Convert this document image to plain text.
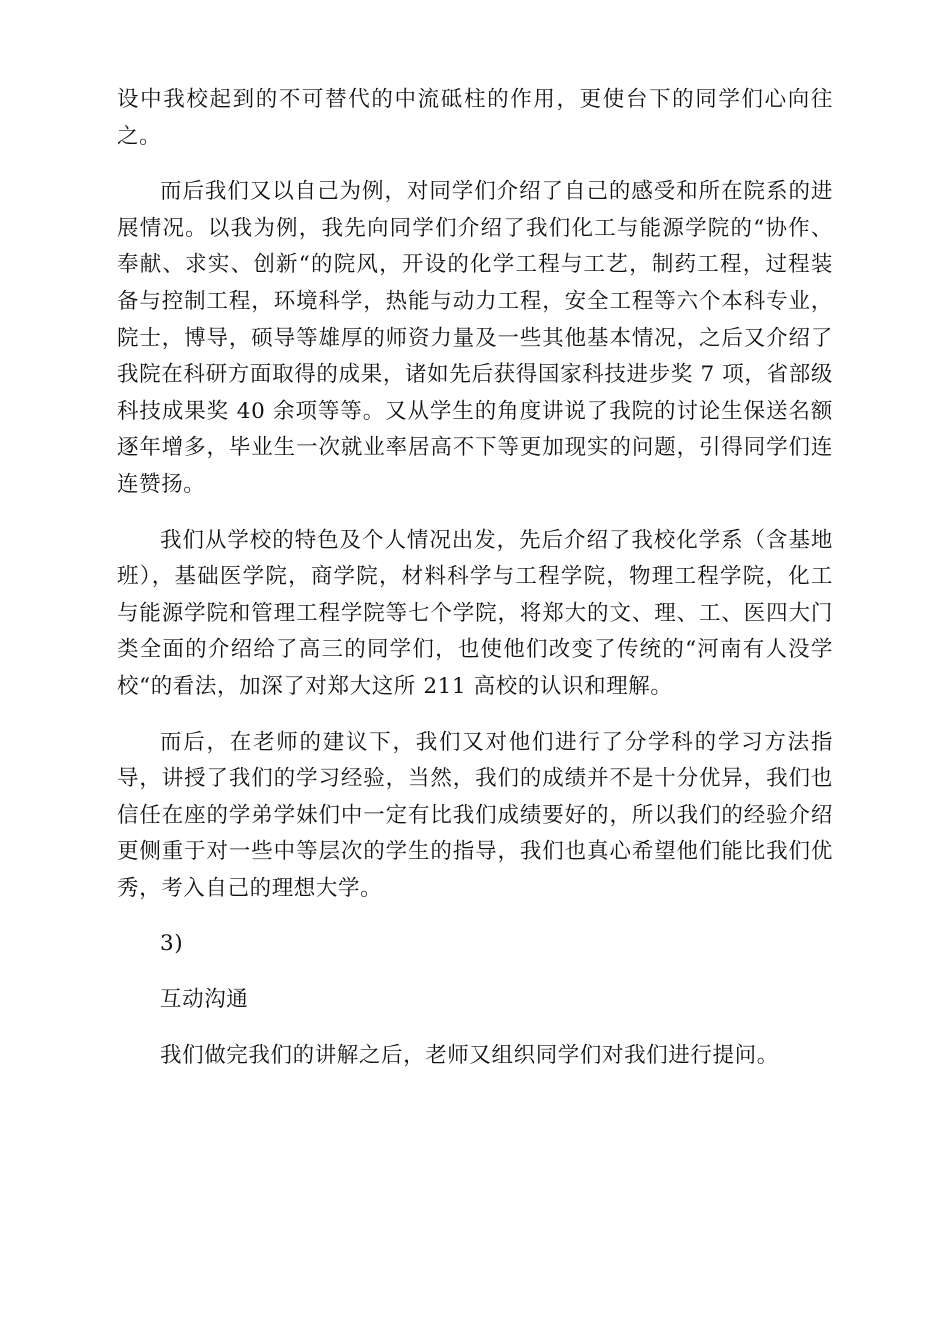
设中我校起到的不可替代的中流砥柱的作用，更使台下的同学们心向往
之。
而后我们又以自己为例，对同学们介绍了自己的感受和所在院系的进
展情况。以我为例，我先向同学们介绍了我们化工与能源学院的“协作、
奉献、求实、创新“的院风，开设的化学工程与工艺，制药工程，过程装
备与控制工程，环境科学，热能与动力工程，安全工程等六个本科专业，
院士，博导，硕导等雄厚的师资力量及一些其他基本情况，之后又介绍了
我院在科研方面取得的成果，诸如先后获得国家科技进步奖 7 项，省部级
科技成果奖 40 余项等等。又从学生的角度讲说了我院的讨论生保送名额
逐年增多，毕业生一次就业率居高不下等更加现实的问题，引得同学们连
连赞扬。
我们从学校的特色及个人情况出发，先后介绍了我校化学系（含基地
班），基础医学院，商学院，材料科学与工程学院，物理工程学院，化工
与能源学院和管理工程学院等七个学院，将郑大的文、理、工、医四大门
类全面的介绍给了高三的同学们，也使他们改变了传统的“河南有人没学
校“的看法，加深了对郑大这所 211 高校的认识和理解。
而后，在老师的建议下，我们又对他们进行了分学科的学习方法指
导，讲授了我们的学习经验，当然，我们的成绩并不是十分优异，我们也
信任在座的学弟学妹们中一定有比我们成绩要好的，所以我们的经验介绍
更侧重于对一些中等层次的学生的指导，我们也真心希望他们能比我们优
秀，考入自己的理想大学。
3)
互动沟通
我们做完我们的讲解之后，老师又组织同学们对我们进行提问。
